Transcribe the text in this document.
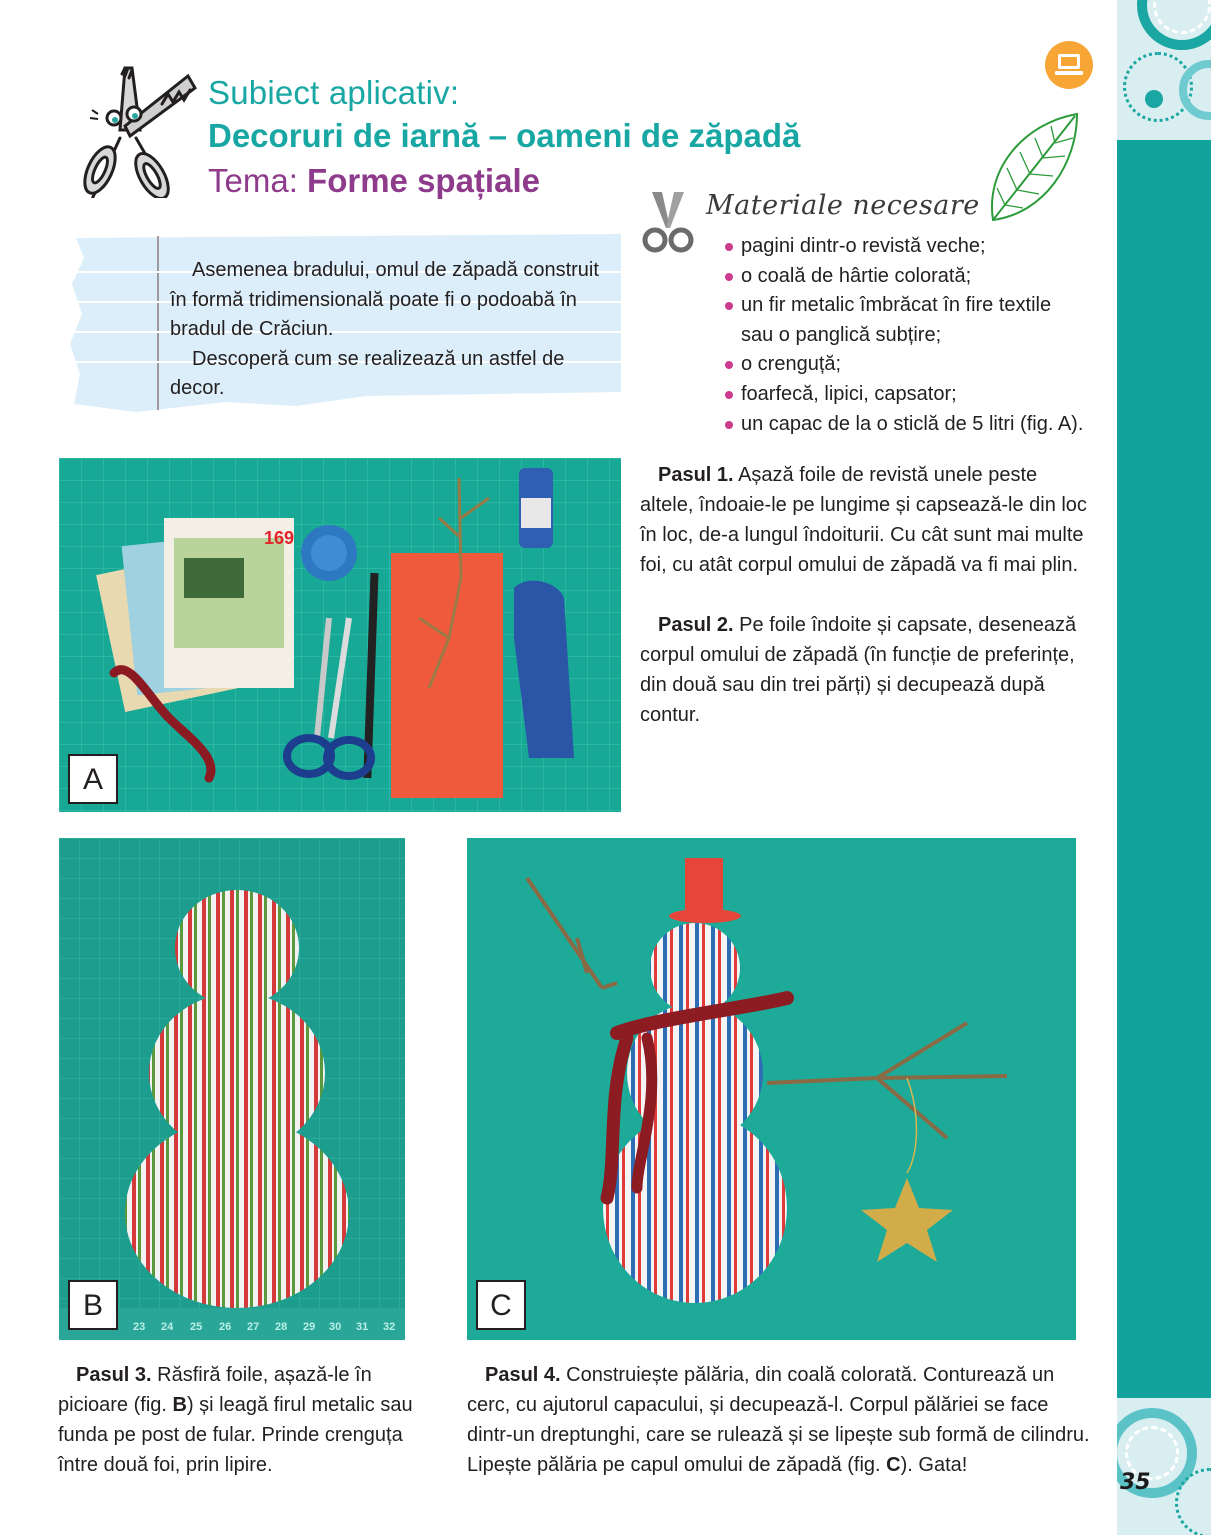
Subiect aplicativ:
Decoruri de iarnă – oameni de zăpadă
Tema: Forme spațiale

Asemenea bradului, omul de zăpadă construit în formă tridimensională poate fi o podoabă în bradul de Crăciun.

Descoperă cum se realizează un astfel de decor.

Materiale necesare
pagini dintr-o revistă veche;
o coală de hârtie colorată;
un fir metalic îmbrăcat în fire textile
sau o panglică subțire;
o crenguță;
foarfecă, lipici, capsator;
un capac de la o sticlă de 5 litri (fig. A).

Pasul 1. Așază foile de revistă unele peste altele, îndoaie-le pe lungime și capsează-le din loc în loc, de-a lungul îndoiturii. Cu cât sunt mai multe foi, cu atât corpul omului de zăpadă va fi mai plin.

Pasul 2. Pe foile îndoite și capsate, desenează corpul omului de zăpadă (în funcție de preferințe, din două sau din trei părți) și decupează după contur.

Pasul 3. Răsfiră foile, așază-le în picioare (fig. B) și leagă firul metalic sau funda pe post de fular. Prinde crenguța între două foi, prin lipire.

Pasul 4. Construiește pălăria, din coală colorată. Conturează un cerc, cu ajutorul capacului, și decupează-l. Corpul pălăriei se face dintr-un dreptunghi, care se rulează și se lipește sub formă de cilindru. Lipește pălăria pe capul omului de zăpadă (fig. C). Gata!

169
A
23 24 25 26 27 28 29 30 31 32
B	C
35
